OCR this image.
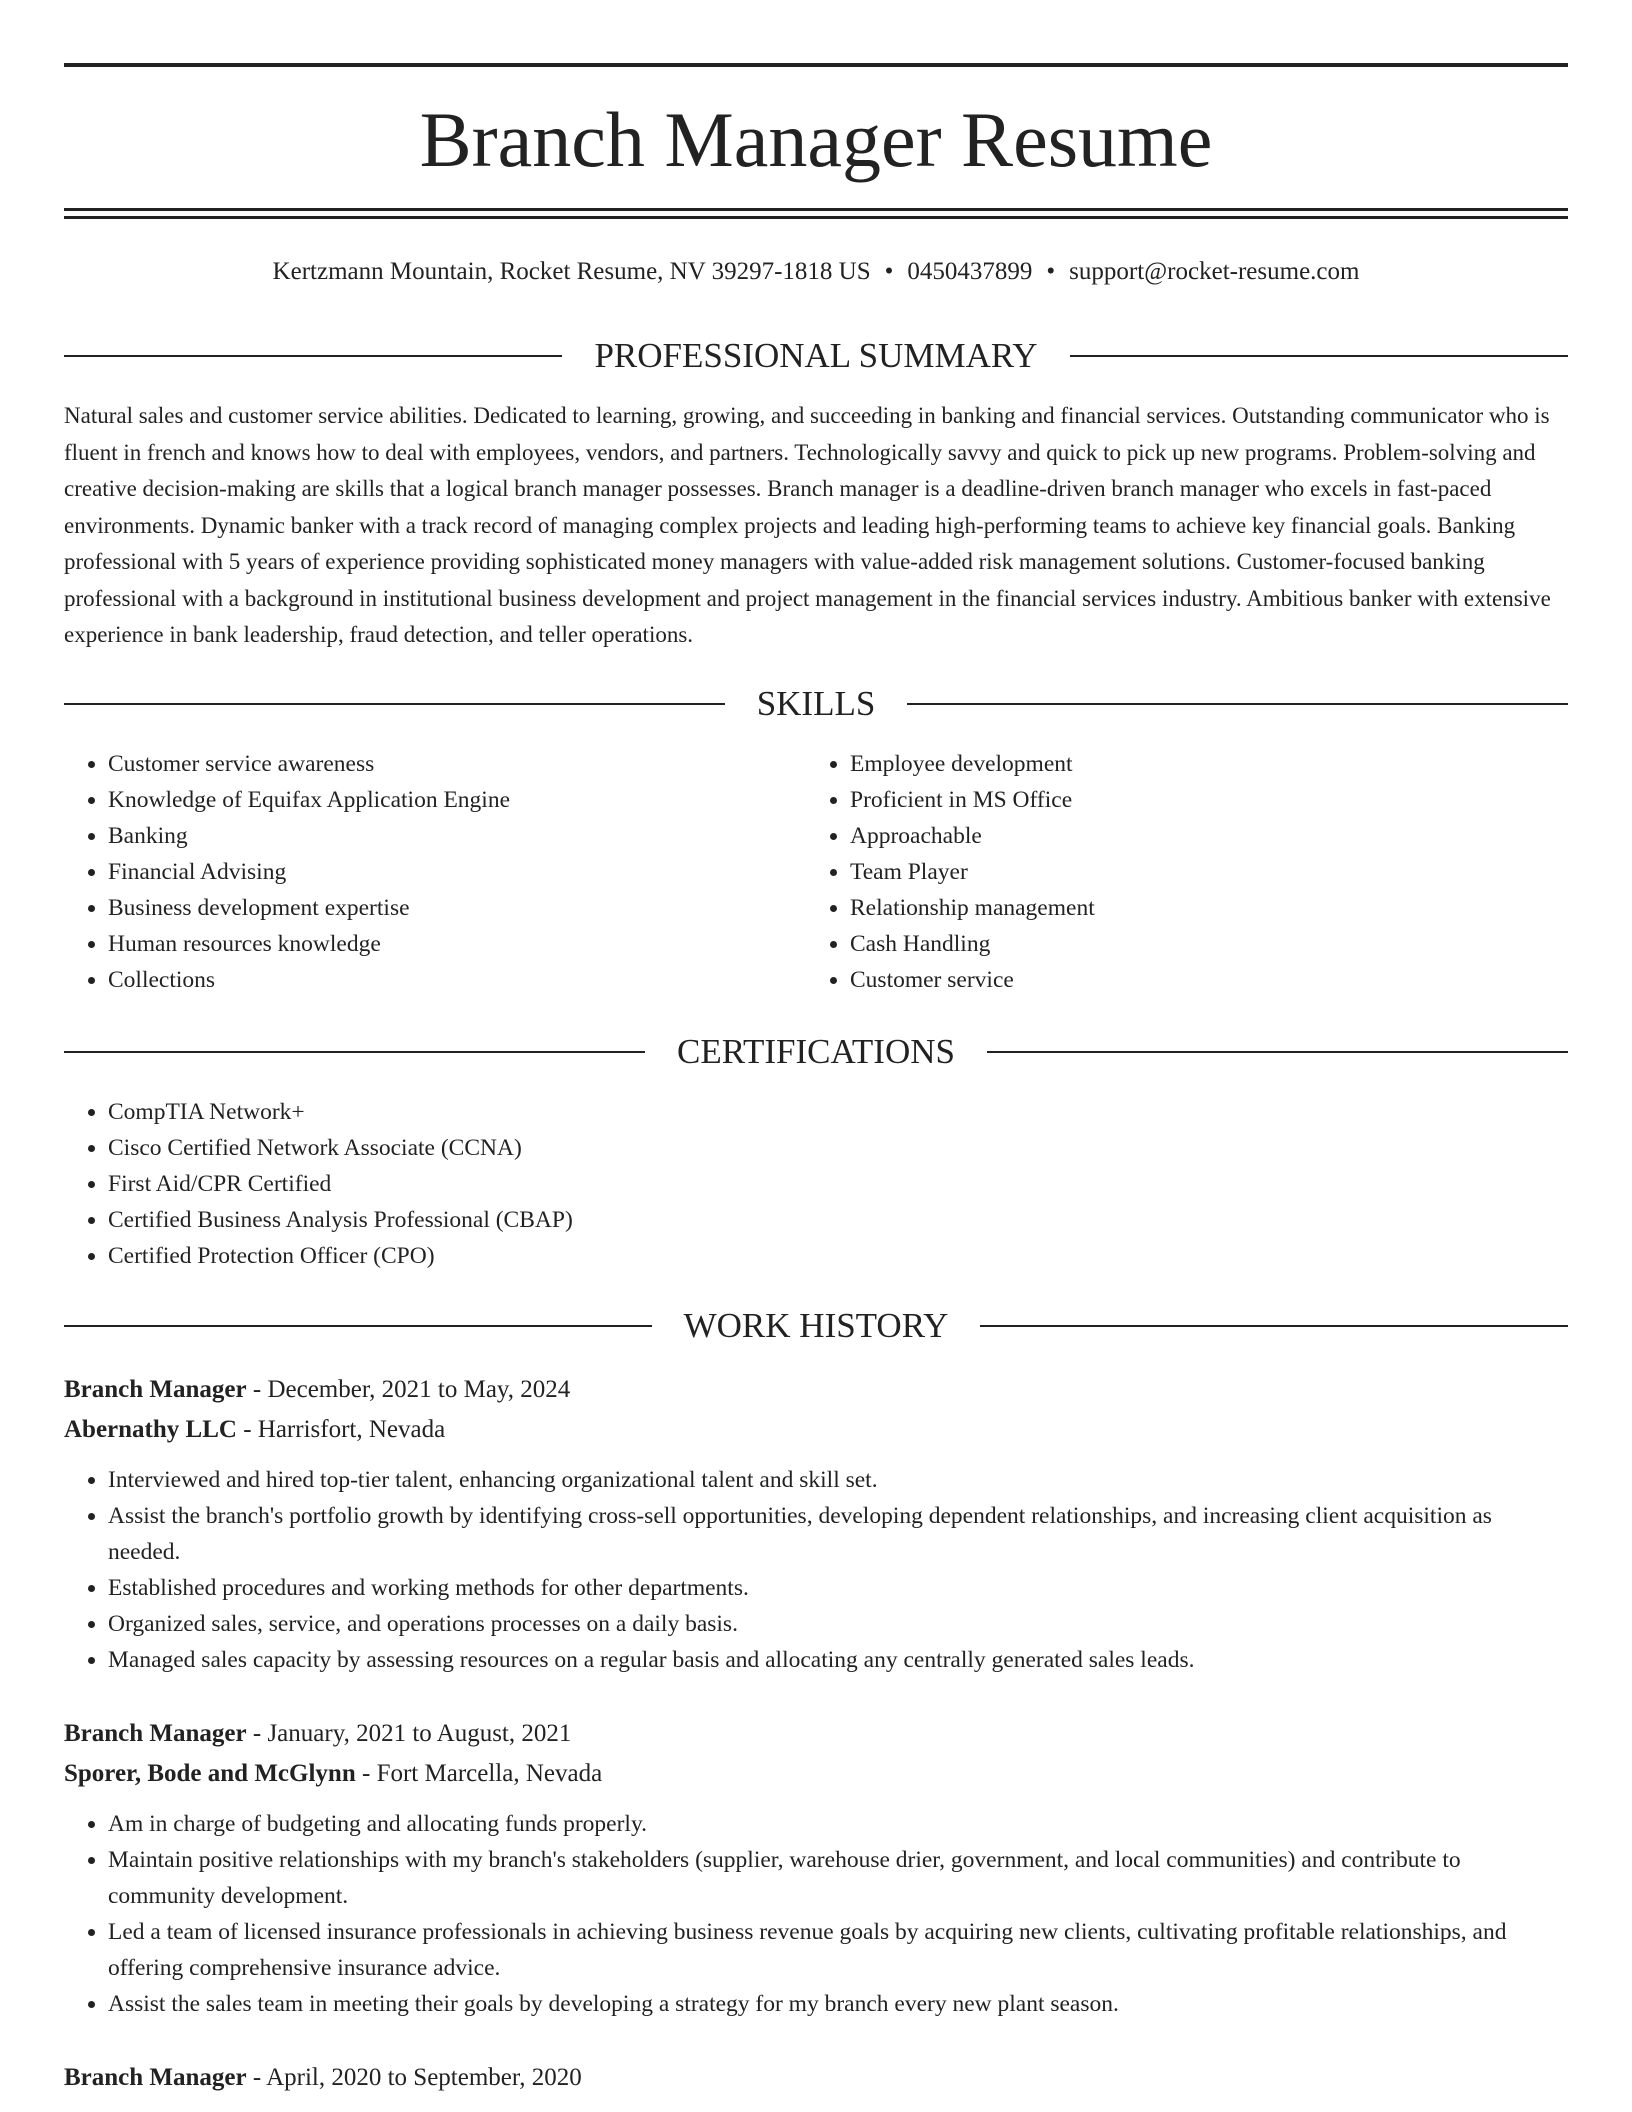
Branch Manager Resume
Kertzmann Mountain, Rocket Resume, NV 39297-1818 US • 0450437899 • support@rocket-resume.com
PROFESSIONAL SUMMARY

Natural sales and customer service abilities. Dedicated to learning, growing, and succeeding in banking and financial services. Outstanding communicator who is fluent in french and knows how to deal with employees, vendors, and partners. Technologically savvy and quick to pick up new programs. Problem-solving and creative decision-making are skills that a logical branch manager possesses. Branch manager is a deadline-driven branch manager who excels in fast-paced environments. Dynamic banker with a track record of managing complex projects and leading high-performing teams to achieve key financial goals. Banking professional with 5 years of experience providing sophisticated money managers with value-added risk management solutions. Customer-focused banking professional with a background in institutional business development and project management in the financial services industry. Ambitious banker with extensive experience in bank leadership, fraud detection, and teller operations.

SKILLS
• Customer service awareness
• Knowledge of Equifax Application Engine
• Banking
• Financial Advising
• Business development expertise
• Human resources knowledge
• Collections
• Employee development
• Proficient in MS Office
• Approachable
• Team Player
• Relationship management
• Cash Handling
• Customer service
CERTIFICATIONS
• CompTIA Network+
• Cisco Certified Network Associate (CCNA)
• First Aid/CPR Certified
• Certified Business Analysis Professional (CBAP)
• Certified Protection Officer (CPO)
WORK HISTORY
Branch Manager - December, 2021 to May, 2024
Abernathy LLC - Harrisfort, Nevada
• Interviewed and hired top-tier talent, enhancing organizational talent and skill set.
• Assist the branch's portfolio growth by identifying cross-sell opportunities, developing dependent relationships, and increasing client acquisition as needed.
• Established procedures and working methods for other departments.
• Organized sales, service, and operations processes on a daily basis.
• Managed sales capacity by assessing resources on a regular basis and allocating any centrally generated sales leads.
Branch Manager - January, 2021 to August, 2021
Sporer, Bode and McGlynn - Fort Marcella, Nevada
• Am in charge of budgeting and allocating funds properly.
• Maintain positive relationships with my branch's stakeholders (supplier, warehouse drier, government, and local communities) and contribute to community development.
• Led a team of licensed insurance professionals in achieving business revenue goals by acquiring new clients, cultivating profitable relationships, and offering comprehensive insurance advice.
• Assist the sales team in meeting their goals by developing a strategy for my branch every new plant season.
Branch Manager - April, 2020 to September, 2020
